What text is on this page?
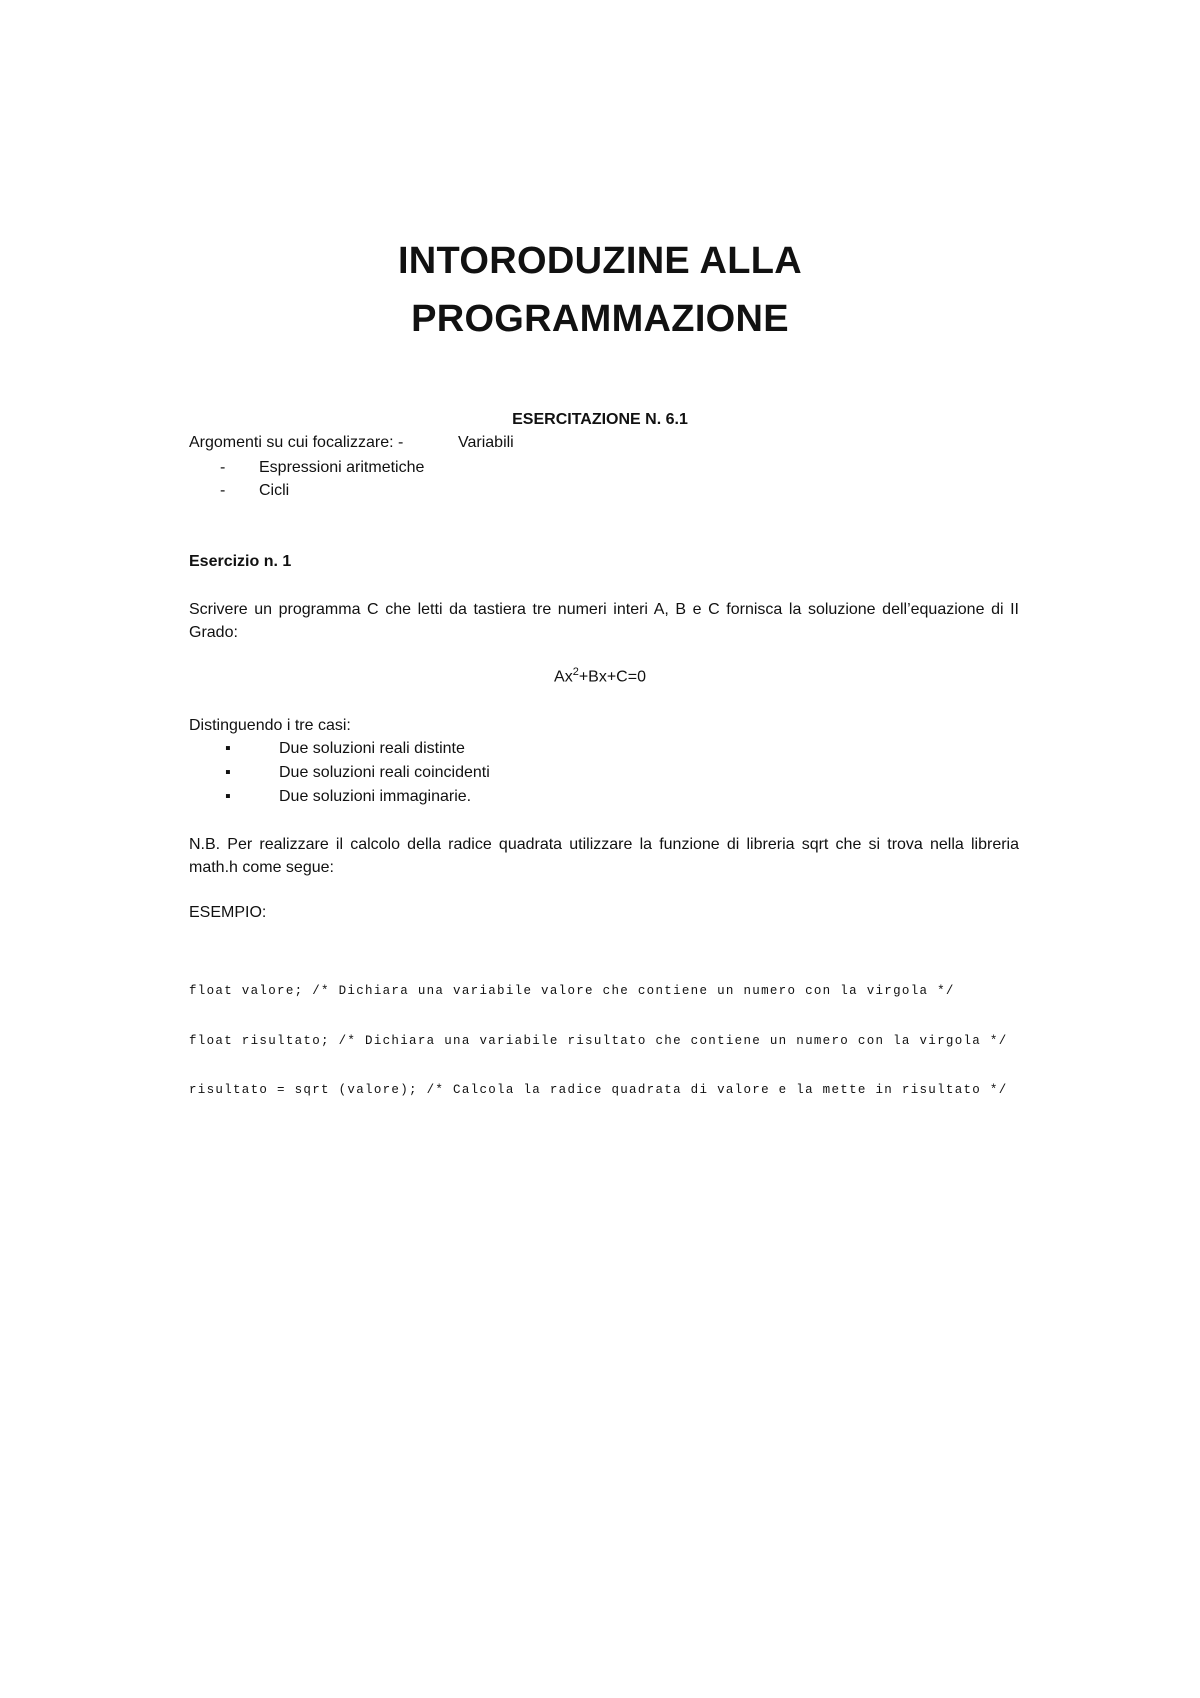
INTORODUZINE ALLA
PROGRAMMAZIONE
ESERCITAZIONE N. 6.1
Argomenti su cui focalizzare: -	Variabili
- Espressioni aritmetiche
- Cicli
Esercizio n. 1
Scrivere un programma C che letti da tastiera tre numeri interi A, B e C fornisca la soluzione dell’equazione di II Grado:
$Ax^2+Bx+C=0$
Distinguendo i tre casi:
▪	Due soluzioni reali distinte
▪	Due soluzioni reali coincidenti
▪	Due soluzioni immaginarie.
N.B. Per realizzare il calcolo della radice quadrata utilizzare la funzione di libreria sqrt che si trova nella libreria math.h come segue:
ESEMPIO:

float valore; /* Dichiara una variabile valore che contiene un numero con la virgola */

float risultato; /* Dichiara una variabile risultato che contiene un numero con la virgola */

risultato = sqrt (valore); /* Calcola la radice quadrata di valore e la mette in risultato */
